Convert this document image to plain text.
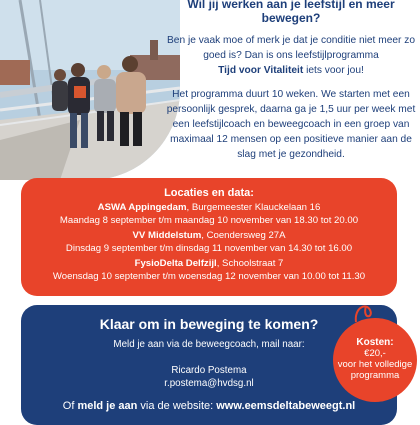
Wil jij werken aan je leefstijl en meer bewegen?

Ben je vaak moe of merk je dat je conditie niet meer zo goed is? Dan is ons leefstijlprogramma
Tijd voor Vitaliteit iets voor jou!

Het programma duurt 10 weken. We starten met een persoonlijk gesprek, daarna ga je 1,5 uur per week met een leefstijlcoach en beweegcoach in een groep van maximaal 12 mensen op een positieve manier aan de slag met je gezondheid.

Locaties en data:
ASWA Appingedam, Burgemeester Klauckelaan 16
Maandag 8 september t/m maandag 10 november van 18.30 tot 20.00
VV Middelstum, Coendersweg 27A
Dinsdag 9 september t/m dinsdag 11 november van 14.30 tot 16.00
FysioDelta Delfzijl, Schoolstraat 7
Woensdag 10 september t/m woensdag 12 november van 10.00 tot 11.30
Klaar om in beweging te komen?
Meld je aan via de beweegcoach, mail naar:
Ricardo Postema
r.postema@hvdsg.nl
Of meld je aan via de website: www.eemsdeltabeweegt.nl
Kosten:
€20,-
voor het volledige
programma
